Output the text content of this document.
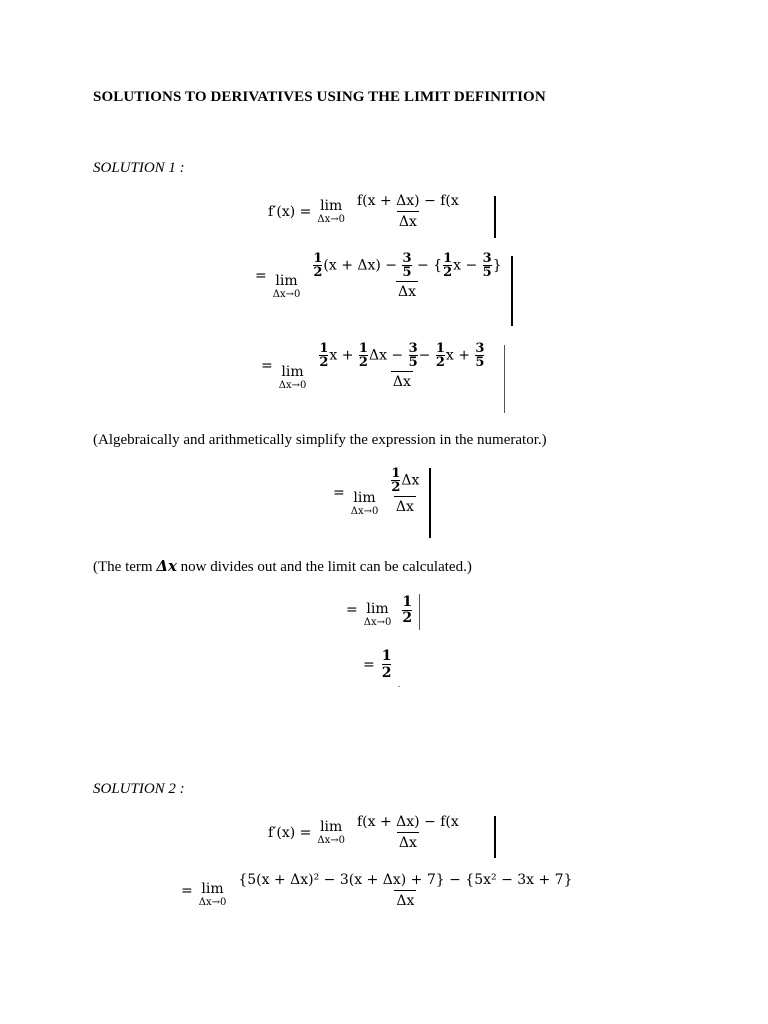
SOLUTIONS TO DERIVATIVES USING THE LIMIT DEFINITION
SOLUTION 1 :
f′(x) = lim
$\Delta x\to 0 \frac{f(x + \Delta x) - f(x}{\Delta x}$
= lim
$\Delta x\to 0 \frac{\frac{1}{2} (x + \Delta x) - \frac{3}{5} - \{ \frac{1}{2} x - \frac{3}{5} \}}{\Delta x}$
= lim
$\Delta x\to 0 \frac{\frac{1}{2} x + \frac{1}{2} \Delta x - \frac{3}{5} - \frac{1}{2} x + \frac{3}{5}}{\Delta x}$
(Algebraically and arithmetically simplify the expression in the numerator.)
= lim
$\Delta x\to 0 \frac{\frac{1}{2} \Delta x}{\Delta x}$
(The term Δx now divides out and the limit can be calculated.)
= lim
Δx→0
1
2
= $\frac{1}{2}$
SOLUTION 2 :
f′(x) = lim
$\Delta x\to 0 \frac{f(x + \Delta x) - f(x}{\Delta x}$
= lim
$\Delta x\to 0 \frac{\text{\{5(x + Δx)² − 3(x + Δx) + 7\} − \{5x² − 3x + 7\}}}{\Delta x}$
